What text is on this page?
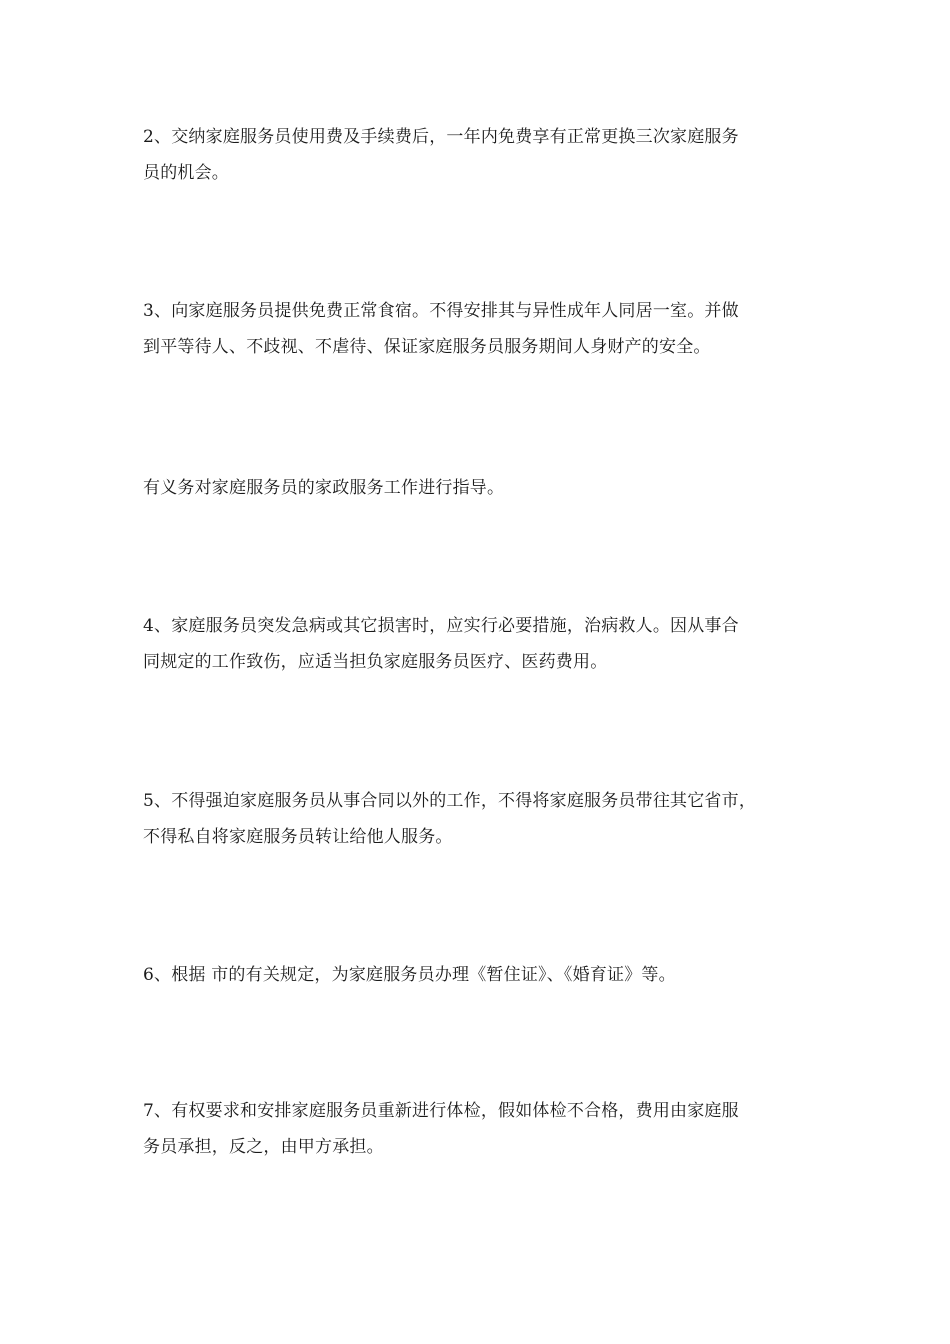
2、交纳家庭服务员使用费及手续费后，一年内免费享有正常更换三次家庭服务
员的机会。

3、向家庭服务员提供免费正常食宿。不得安排其与异性成年人同居一室。并做
到平等待人、不歧视、不虐待、保证家庭服务员服务期间人身财产的安全。

有义务对家庭服务员的家政服务工作进行指导。

4、家庭服务员突发急病或其它损害时，应实行必要措施，治病救人。因从事合
同规定的工作致伤，应适当担负家庭服务员医疗、医药费用。

5、不得强迫家庭服务员从事合同以外的工作，不得将家庭服务员带往其它省市，
不得私自将家庭服务员转让给他人服务。

6、根据 市的有关规定，为家庭服务员办理《暂住证》、《婚育证》等。

7、有权要求和安排家庭服务员重新进行体检，假如体检不合格，费用由家庭服
务员承担，反之，由甲方承担。
